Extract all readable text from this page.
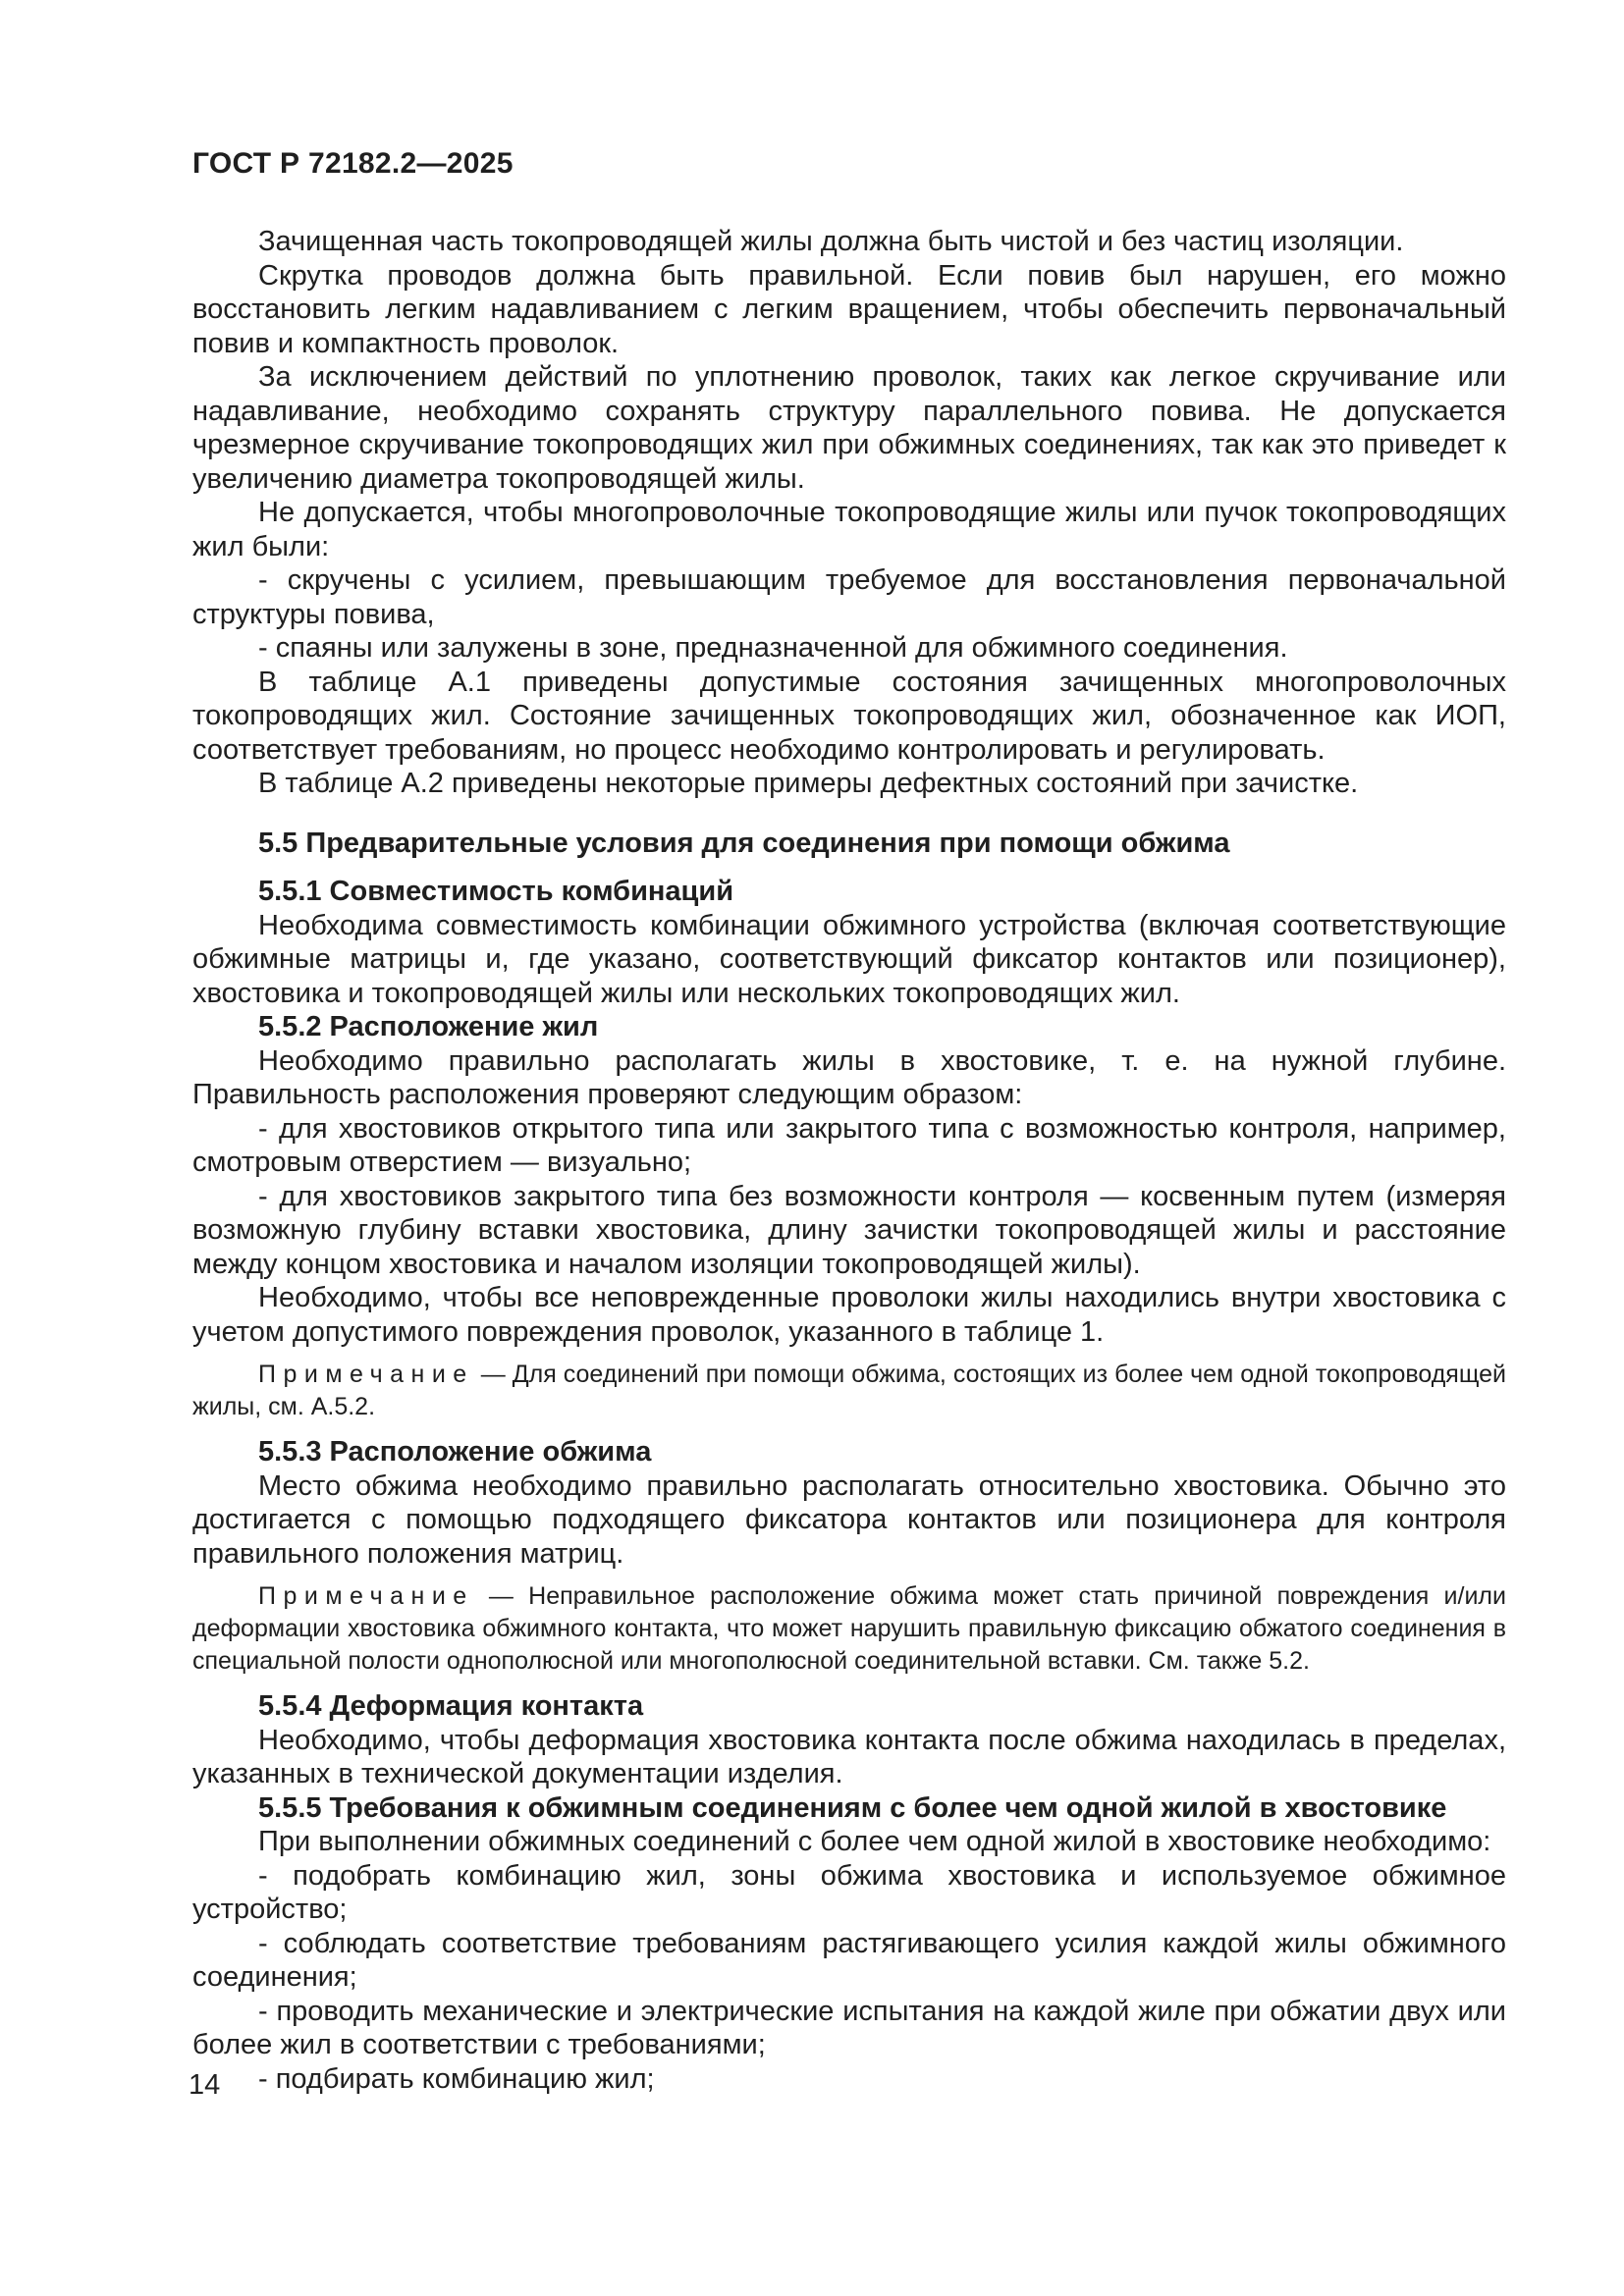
ГОСТ Р 72182.2—2025

Зачищенная часть токопроводящей жилы должна быть чистой и без частиц изоляции.

Скрутка проводов должна быть правильной. Если повив был нарушен, его можно восстановить легким надавливанием с легким вращением, чтобы обеспечить первоначальный повив и компактность проволок.

За исключением действий по уплотнению проволок, таких как легкое скручивание или надавливание, необходимо сохранять структуру параллельного повива. Не допускается чрезмерное скручивание токопроводящих жил при обжимных соединениях, так как это приведет к увеличению диаметра токопроводящей жилы.

Не допускается, чтобы многопроволочные токопроводящие жилы или пучок токопроводящих жил были:

- скручены с усилием, превышающим требуемое для восстановления первоначальной структуры повива,

- спаяны или залужены в зоне, предназначенной для обжимного соединения.

В таблице А.1 приведены допустимые состояния зачищенных многопроволочных токопроводящих жил. Состояние зачищенных токопроводящих жил, обозначенное как ИОП, соответствует требованиям, но процесс необходимо контролировать и регулировать.

В таблице А.2 приведены некоторые примеры дефектных состояний при зачистке.

5.5 Предварительные условия для соединения при помощи обжима

5.5.1 Совместимость комбинаций

Необходима совместимость комбинации обжимного устройства (включая соответствующие обжимные матрицы и, где указано, соответствующий фиксатор контактов или позиционер), хвостовика и токопроводящей жилы или нескольких токопроводящих жил.

5.5.2 Расположение жил

Необходимо правильно располагать жилы в хвостовике, т. е. на нужной глубине. Правильность расположения проверяют следующим образом:

- для хвостовиков открытого типа или закрытого типа с возможностью контроля, например, смотровым отверстием — визуально;

- для хвостовиков закрытого типа без возможности контроля — косвенным путем (измеряя возможную глубину вставки хвостовика, длину зачистки токопроводящей жилы и расстояние между концом хвостовика и началом изоляции токопроводящей жилы).

Необходимо, чтобы все неповрежденные проволоки жилы находились внутри хвостовика с учетом допустимого повреждения проволок, указанного в таблице 1.

Примечание — Для соединений при помощи обжима, состоящих из более чем одной токопроводящей жилы, см. А.5.2.

5.5.3 Расположение обжима

Место обжима необходимо правильно располагать относительно хвостовика. Обычно это достигается с помощью подходящего фиксатора контактов или позиционера для контроля правильного положения матриц.

Примечание — Неправильное расположение обжима может стать причиной повреждения и/или деформации хвостовика обжимного контакта, что может нарушить правильную фиксацию обжатого соединения в специальной полости однополюсной или многополюсной соединительной вставки. См. также 5.2.

5.5.4 Деформация контакта

Необходимо, чтобы деформация хвостовика контакта после обжима находилась в пределах, указанных в технической документации изделия.

5.5.5 Требования к обжимным соединениям с более чем одной жилой в хвостовике

При выполнении обжимных соединений с более чем одной жилой в хвостовике необходимо:

- подобрать комбинацию жил, зоны обжима хвостовика и используемое обжимное устройство;

- соблюдать соответствие требованиям растягивающего усилия каждой жилы обжимного соединения;

- проводить механические и электрические испытания на каждой жиле при обжатии двух или более жил в соответствии с требованиями;

- подбирать комбинацию жил;

14
